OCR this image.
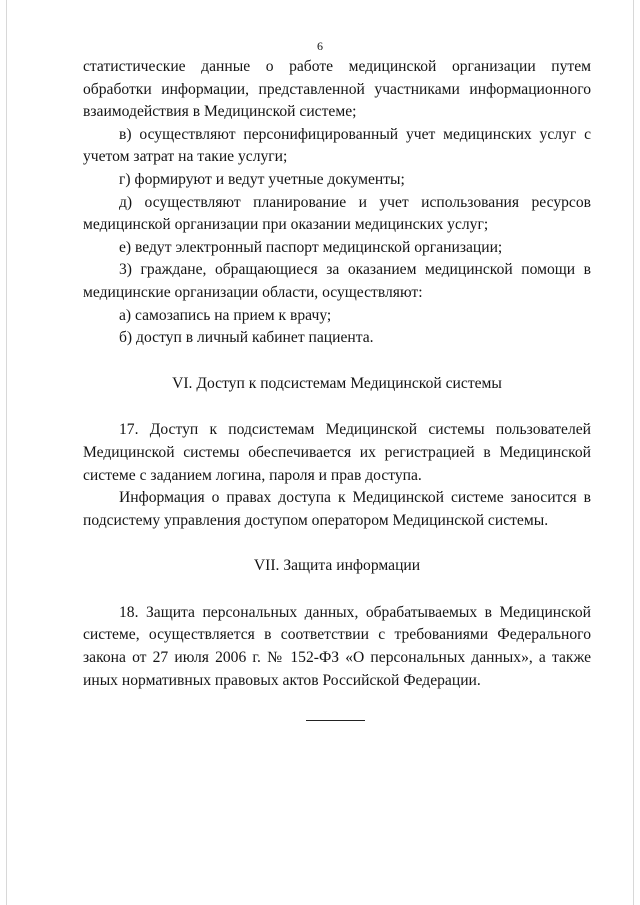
6

статистические данные о работе медицинской организации путем обработки информации, представленной участниками информационного взаимодействия в Медицинской системе;

в) осуществляют персонифицированный учет медицинских услуг с учетом затрат на такие услуги;

г) формируют и ведут учетные документы;

д) осуществляют планирование и учет использования ресурсов медицинской организации при оказании медицинских услуг;

е) ведут электронный паспорт медицинской организации;

3) граждане, обращающиеся за оказанием медицинской помощи в медицинские организации области, осуществляют:

а) самозапись на прием к врачу;

б) доступ в личный кабинет пациента.

VI. Доступ к подсистемам Медицинской системы

17. Доступ к подсистемам Медицинской системы пользователей Медицинской системы обеспечивается их регистрацией в Медицинской системе с заданием логина, пароля и прав доступа.

Информация о правах доступа к Медицинской системе заносится в подсистему управления доступом оператором Медицинской системы.

VII. Защита информации

18. Защита персональных данных, обрабатываемых в Медицинской системе, осуществляется в соответствии с требованиями Федерального закона от 27 июля 2006 г. № 152-ФЗ «О персональных данных», а также иных нормативных правовых актов Российской Федерации.
